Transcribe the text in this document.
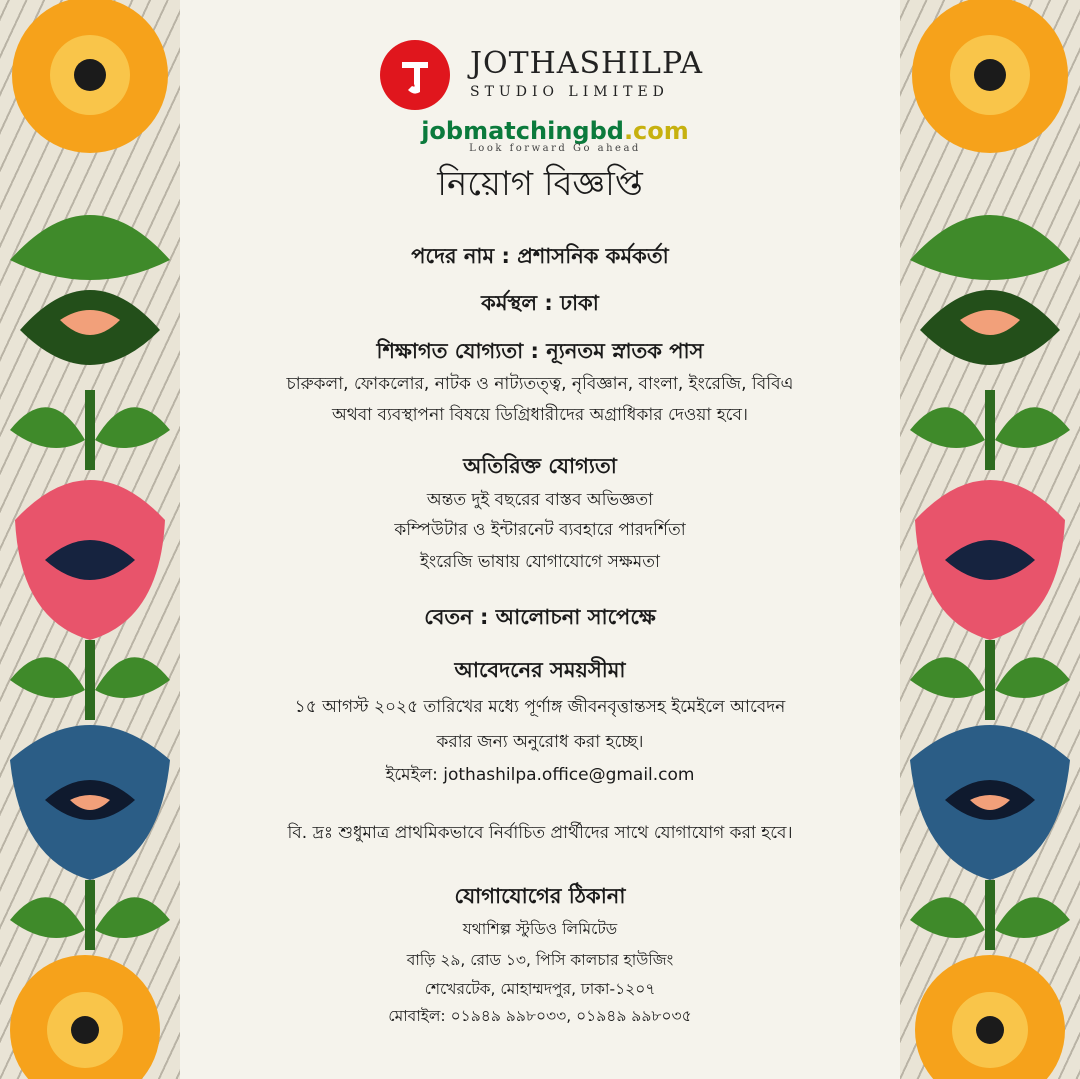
JOTHASHILPA
STUDIO LIMITED
jobmatchingbd.com
Look forward Go ahead
নিয়োগ বিজ্ঞপ্তি
পদের নাম : প্রশাসনিক কর্মকর্তা
কর্মস্থল : ঢাকা
শিক্ষাগত যোগ্যতা : ন্যূনতম স্নাতক পাস
চারুকলা, ফোকলোর, নাটক ও নাট্যতত্ত্ব, নৃবিজ্ঞান, বাংলা, ইংরেজি, বিবিএ
অথবা ব্যবস্থাপনা বিষয়ে ডিগ্রিধারীদের অগ্রাধিকার দেওয়া হবে।
অতিরিক্ত যোগ্যতা
অন্তত দুই বছরের বাস্তব অভিজ্ঞতা
কম্পিউটার ও ইন্টারনেট ব্যবহারে পারদর্শিতা
ইংরেজি ভাষায় যোগাযোগে সক্ষমতা
বেতন : আলোচনা সাপেক্ষে
আবেদনের সময়সীমা
১৫ আগস্ট ২০২৫ তারিখের মধ্যে পূর্ণাঙ্গ জীবনবৃত্তান্তসহ ইমেইলে আবেদন
করার জন্য অনুরোধ করা হচ্ছে।
ইমেইল: jothashilpa.office@gmail.com
বি. দ্রঃ শুধুমাত্র প্রাথমিকভাবে নির্বাচিত প্রার্থীদের সাথে যোগাযোগ করা হবে।
যোগাযোগের ঠিকানা
যথাশিল্প স্টুডিও লিমিটেড
বাড়ি ২৯, রোড ১৩, পিসি কালচার হাউজিং
শেখেরটেক, মোহাম্মদপুর, ঢাকা-১২০৭
মোবাইল: ০১৯৪৯ ৯৯৮০৩৩, ০১৯৪৯ ৯৯৮০৩৫
